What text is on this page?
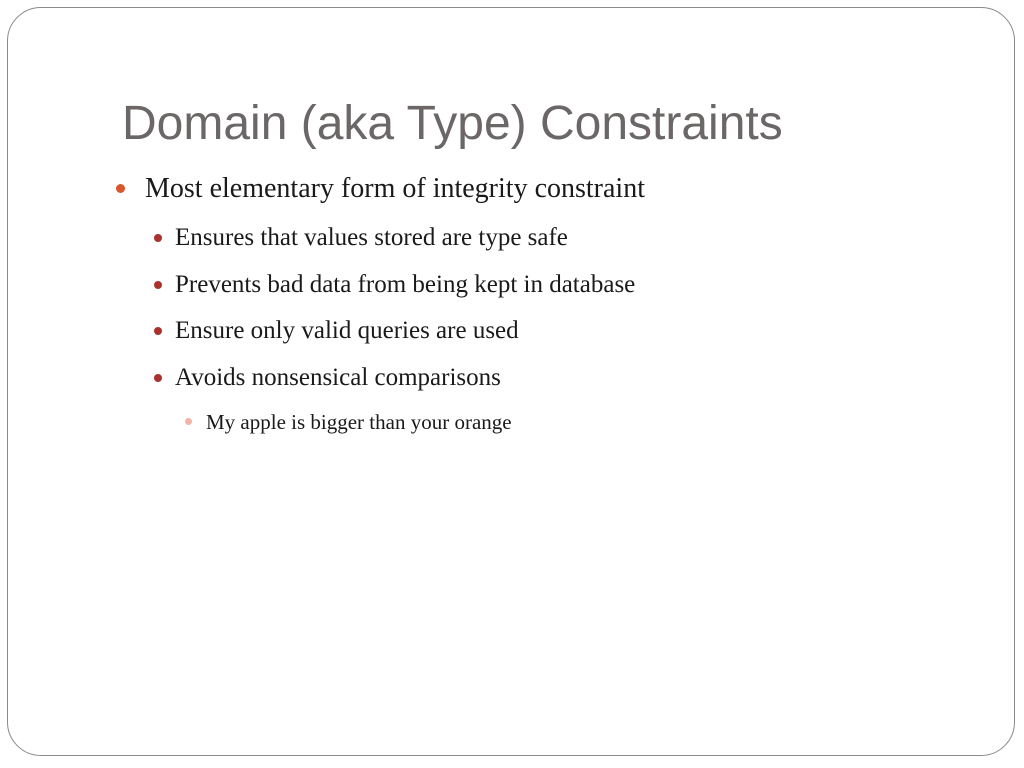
Domain (aka Type) Constraints

Most elementary form of integrity constraint

Ensures that values stored are type safe

Prevents bad data from being kept in database

Ensure only valid queries are used

Avoids nonsensical comparisons

My apple is bigger than your orange
